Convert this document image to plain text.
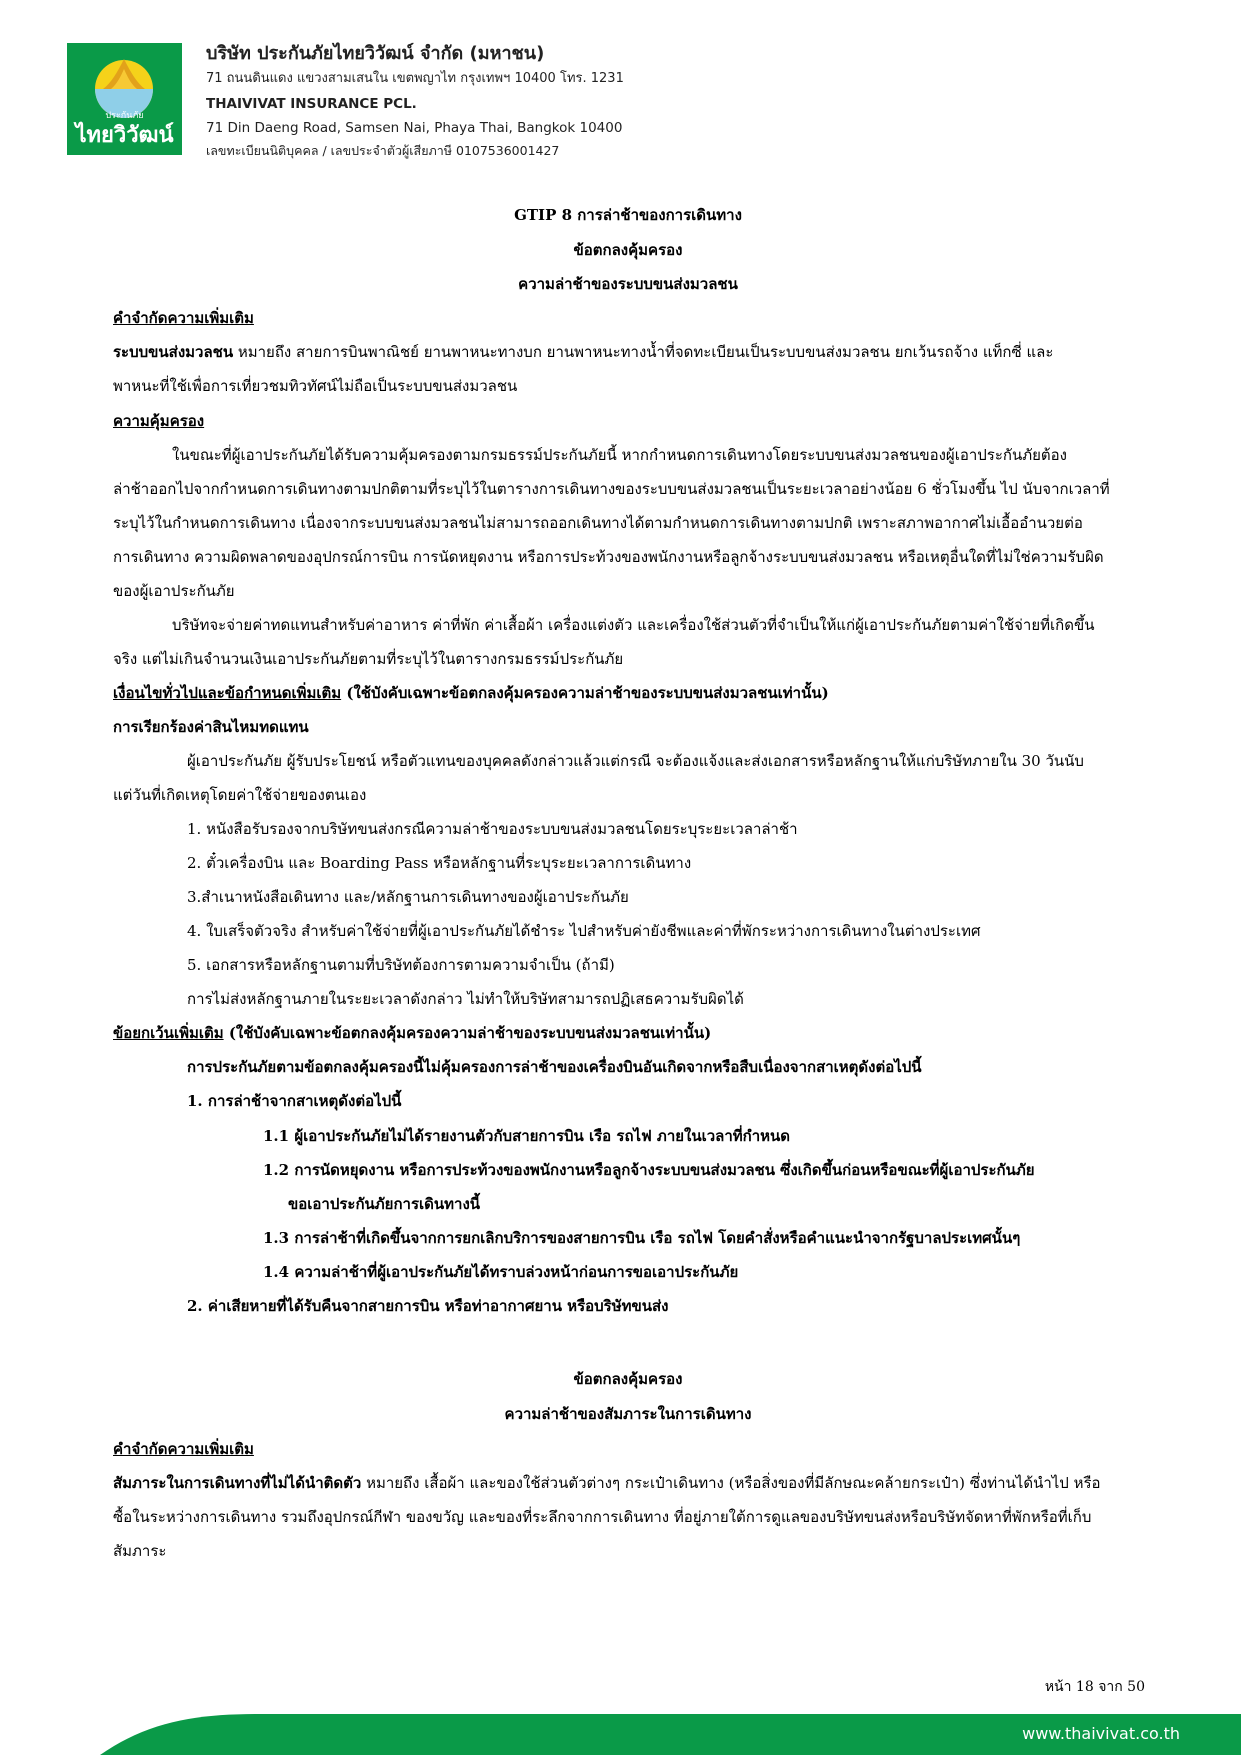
ประกันภัย
ไทยวิวัฒน์
บริษัท ประกันภัยไทยวิวัฒน์ จำกัด (มหาชน)
71 ถนนดินแดง แขวงสามเสนใน เขตพญาไท กรุงเทพฯ 10400 โทร. 1231
THAIVIVAT INSURANCE PCL.
71 Din Daeng Road, Samsen Nai, Phaya Thai, Bangkok 10400
เลขทะเบียนนิติบุคคล / เลขประจำตัวผู้เสียภาษี 0107536001427
GTIP 8 การล่าช้าของการเดินทาง
ข้อตกลงคุ้มครอง
ความล่าช้าของระบบขนส่งมวลชน
คำจำกัดความเพิ่มเติม
ระบบขนส่งมวลชน หมายถึง สายการบินพาณิชย์ ยานพาหนะทางบก ยานพาหนะทางน้ำที่จดทะเบียนเป็นระบบขนส่งมวลชน ยกเว้นรถจ้าง แท็กซี่ และ
พาหนะที่ใช้เพื่อการเที่ยวชมทิวทัศน์ไม่ถือเป็นระบบขนส่งมวลชน
ความคุ้มครอง
ในขณะที่ผู้เอาประกันภัยได้รับความคุ้มครองตามกรมธรรม์ประกันภัยนี้ หากกำหนดการเดินทางโดยระบบขนส่งมวลชนของผู้เอาประกันภัยต้อง
ล่าช้าออกไปจากกำหนดการเดินทางตามปกติตามที่ระบุไว้ในตารางการเดินทางของระบบขนส่งมวลชนเป็นระยะเวลาอย่างน้อย 6 ชั่วโมงขึ้น ไป นับจากเวลาที่
ระบุไว้ในกำหนดการเดินทาง เนื่องจากระบบขนส่งมวลชนไม่สามารถออกเดินทางได้ตามกำหนดการเดินทางตามปกติ เพราะสภาพอากาศไม่เอื้ออำนวยต่อ
การเดินทาง ความผิดพลาดของอุปกรณ์การบิน การนัดหยุดงาน หรือการประท้วงของพนักงานหรือลูกจ้างระบบขนส่งมวลชน หรือเหตุอื่นใดที่ไม่ใช่ความรับผิด
ของผู้เอาประกันภัย
บริษัทจะจ่ายค่าทดแทนสำหรับค่าอาหาร ค่าที่พัก ค่าเสื้อผ้า เครื่องแต่งตัว และเครื่องใช้ส่วนตัวที่จำเป็นให้แก่ผู้เอาประกันภัยตามค่าใช้จ่ายที่เกิดขึ้น
จริง แต่ไม่เกินจำนวนเงินเอาประกันภัยตามที่ระบุไว้ในตารางกรมธรรม์ประกันภัย
เงื่อนไขทั่วไปและข้อกำหนดเพิ่มเติม (ใช้บังคับเฉพาะข้อตกลงคุ้มครองความล่าช้าของระบบขนส่งมวลชนเท่านั้น)
การเรียกร้องค่าสินไหมทดแทน
ผู้เอาประกันภัย ผู้รับประโยชน์ หรือตัวแทนของบุคคลดังกล่าวแล้วแต่กรณี จะต้องแจ้งและส่งเอกสารหรือหลักฐานให้แก่บริษัทภายใน 30 วันนับ
แต่วันที่เกิดเหตุโดยค่าใช้จ่ายของตนเอง
1. หนังสือรับรองจากบริษัทขนส่งกรณีความล่าช้าของระบบขนส่งมวลชนโดยระบุระยะเวลาล่าช้า
2. ตั๋วเครื่องบิน และ Boarding Pass หรือหลักฐานที่ระบุระยะเวลาการเดินทาง
3.สำเนาหนังสือเดินทาง และ/หลักฐานการเดินทางของผู้เอาประกันภัย
4. ใบเสร็จตัวจริง สำหรับค่าใช้จ่ายที่ผู้เอาประกันภัยได้ชำระ ไปสำหรับค่ายังชีพและค่าที่พักระหว่างการเดินทางในต่างประเทศ
5. เอกสารหรือหลักฐานตามที่บริษัทต้องการตามความจำเป็น (ถ้ามี)
การไม่ส่งหลักฐานภายในระยะเวลาดังกล่าว ไม่ทำให้บริษัทสามารถปฏิเสธความรับผิดได้
ข้อยกเว้นเพิ่มเติม (ใช้บังคับเฉพาะข้อตกลงคุ้มครองความล่าช้าของระบบขนส่งมวลชนเท่านั้น)
การประกันภัยตามข้อตกลงคุ้มครองนี้ไม่คุ้มครองการล่าช้าของเครื่องบินอันเกิดจากหรือสืบเนื่องจากสาเหตุดังต่อไปนี้
1. การล่าช้าจากสาเหตุดังต่อไปนี้
1.1 ผู้เอาประกันภัยไม่ได้รายงานตัวกับสายการบิน เรือ รถไฟ ภายในเวลาที่กำหนด
1.2 การนัดหยุดงาน หรือการประท้วงของพนักงานหรือลูกจ้างระบบขนส่งมวลชน ซึ่งเกิดขึ้นก่อนหรือขณะที่ผู้เอาประกันภัย
ขอเอาประกันภัยการเดินทางนี้
1.3 การล่าช้าที่เกิดขึ้นจากการยกเลิกบริการของสายการบิน เรือ รถไฟ โดยคำสั่งหรือคำแนะนำจากรัฐบาลประเทศนั้นๆ
1.4 ความล่าช้าที่ผู้เอาประกันภัยได้ทราบล่วงหน้าก่อนการขอเอาประกันภัย
2. ค่าเสียหายที่ได้รับคืนจากสายการบิน หรือท่าอากาศยาน หรือบริษัทขนส่ง
ข้อตกลงคุ้มครอง
ความล่าช้าของสัมภาระในการเดินทาง
คำจำกัดความเพิ่มเติม
สัมภาระในการเดินทางที่ไม่ได้นำติดตัว หมายถึง เสื้อผ้า และของใช้ส่วนตัวต่างๆ กระเป๋าเดินทาง (หรือสิ่งของที่มีลักษณะคล้ายกระเป๋า) ซึ่งท่านได้นำไป หรือ
ซื้อในระหว่างการเดินทาง รวมถึงอุปกรณ์กีฬา ของขวัญ และของที่ระลึกจากการเดินทาง ที่อยู่ภายใต้การดูแลของบริษัทขนส่งหรือบริษัทจัดหาที่พักหรือที่เก็บ
สัมภาระ
หน้า 18 จาก 50
www.thaivivat.co.th
